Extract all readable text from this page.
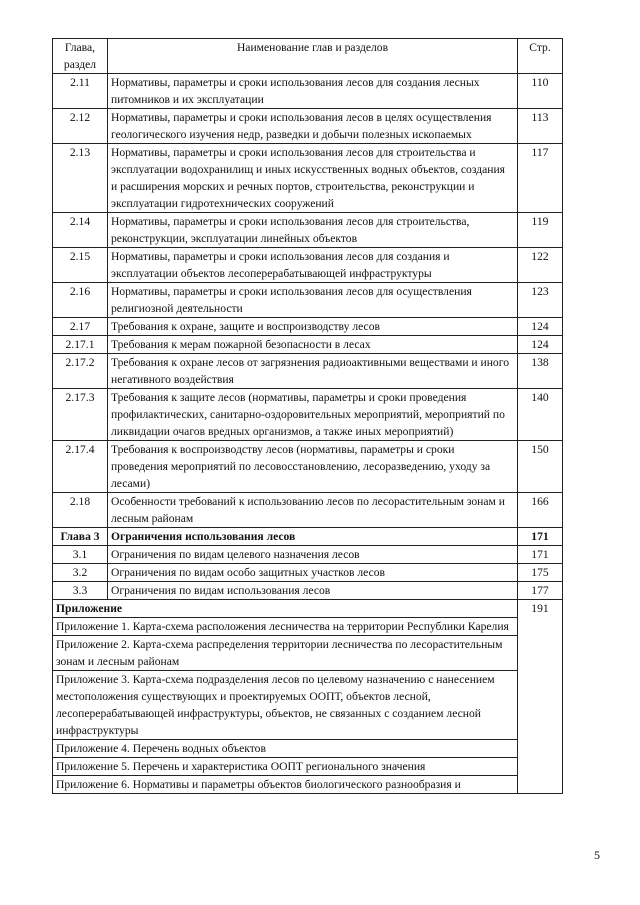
Глава,
раздел	Наименование глав и разделов	Стр.
2.11	Нормативы, параметры и сроки использования лесов для создания лесных питомников и их эксплуатации	110
2.12	Нормативы, параметры и сроки использования лесов в целях осуществления геологического изучения недр, разведки и добычи полезных ископаемых	113
2.13	Нормативы, параметры и сроки использования лесов для строительства и эксплуатации водохранилищ и иных искусственных водных объектов, создания и расширения морских и речных портов, строительства, реконструкции и эксплуатации гидротехнических сооружений	117
2.14	Нормативы, параметры и сроки использования лесов для строительства, реконструкции, эксплуатации линейных объектов	119
2.15	Нормативы, параметры и сроки использования лесов для создания и эксплуатации объектов лесоперерабатывающей инфраструктуры	122
2.16	Нормативы, параметры и сроки использования лесов для осуществления религиозной деятельности	123
2.17	Требования к охране, защите и воспроизводству лесов	124
2.17.1	Требования к мерам пожарной безопасности в лесах	124
2.17.2	Требования к охране лесов от загрязнения радиоактивными веществами и иного негативного воздействия	138
2.17.3	Требования к защите лесов (нормативы, параметры и сроки проведения профилактических, санитарно-оздоровительных мероприятий, мероприятий по ликвидации очагов вредных организмов, а также иных мероприятий)	140
2.17.4	Требования к воспроизводству лесов (нормативы, параметры и сроки проведения мероприятий по лесовосстановлению, лесоразведению, уходу за лесами)	150
2.18	Особенности требований к использованию лесов по лесорастительным зонам и лесным районам	166
Глава 3	Ограничения использования лесов	171
3.1	Ограничения по видам целевого назначения лесов	171
3.2	Ограничения по видам особо защитных участков лесов	175
3.3	Ограничения по видам использования лесов	177
Приложение		191
Приложение 1. Карта-схема расположения лесничества на территории Республики Карелия		
Приложение 2. Карта-схема распределения территории лесничества по лесорастительным зонам и лесным районам		
Приложение 3. Карта-схема подразделения лесов по целевому назначению с нанесением местоположения существующих и проектируемых ООПТ, объектов лесной, лесоперерабатывающей инфраструктуры, объектов, не связанных с созданием лесной инфраструктуры		
Приложение 4. Перечень водных объектов		
Приложение 5. Перечень и характеристика ООПТ регионального значения		
Приложение 6. Нормативы и параметры объектов биологического разнообразия и		
5
